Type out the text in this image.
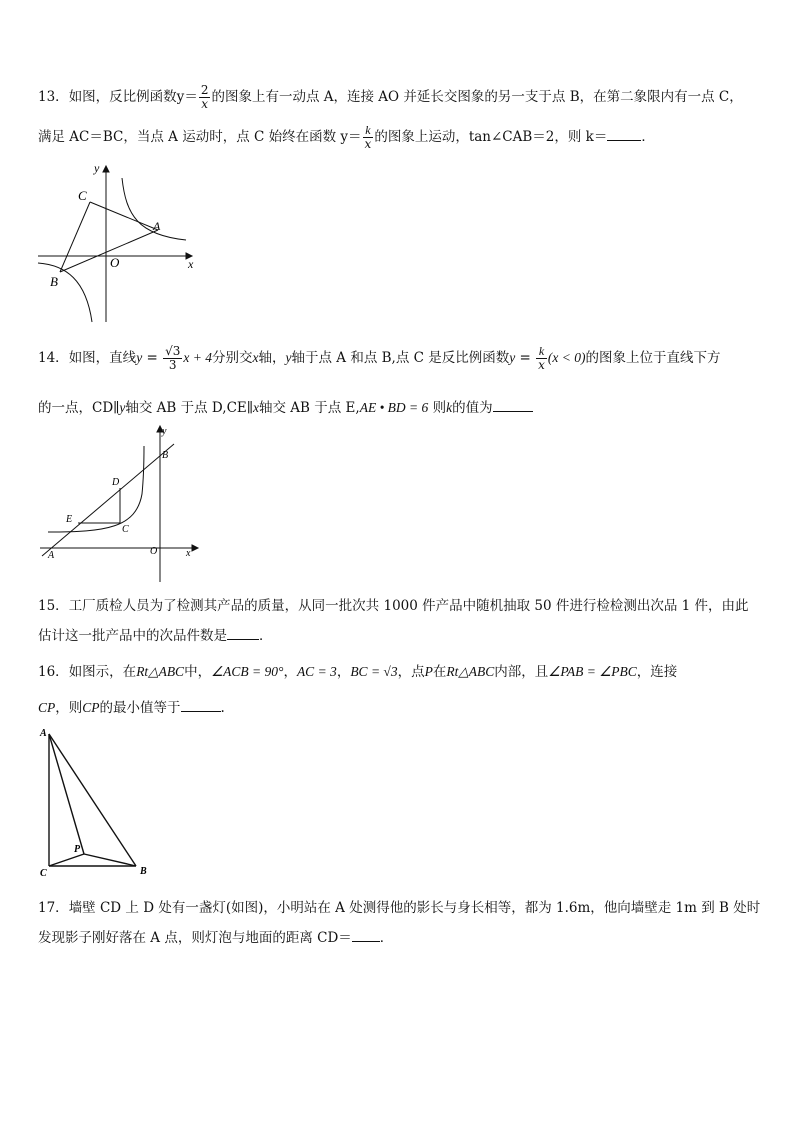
13．如图，反比例函数$y= \frac{2}{x}$ 的图象上有一动点 A，连接 AO 并延长交图象的另一支于点 B，在第二象限内有一点 C，
满足 AC＝BC，当点 A 运动时，点 C 始终在函数 $y= \frac{k}{x}$ 的图象上运动，tan∠CAB＝2，则 k＝	．
C
A
B
O	x
y
14．如图，直线$y = \frac{√3}{3}$ x + 4分别交x轴，y轴于点 A 和点 B,点 C 是反比例函数$y = \frac{k}{x} (x < 0)$的图象上位于直线下方
的一点，CD∥y轴交 AB 于点 D,CE∥x轴交 AB 于点 E,AE • BD = 6 则k的值为
y
B
D
E
C
A	O	x
15．工厂质检人员为了检测其产品的质量，从同一批次共 1000 件产品中随机抽取 50 件进行检检测出次品 1 件，由此
估计这一批产品中的次品件数是 ．
16．如图示，在Rt△ABC中，∠ACB = 90°，AC = 3，BC = √3，点P在Rt△ABC内部，且∠PAB = ∠PBC，连接
CP，则CP的最小值等于	.
A
C
P
B
17．墙壁 CD 上 D 处有一盏灯(如图)，小明站在 A 处测得他的影长与身长相等，都为 1.6m，他向墙壁走 1m 到 B 处时
发现影子刚好落在 A 点，则灯泡与地面的距离 CD＝ ．
